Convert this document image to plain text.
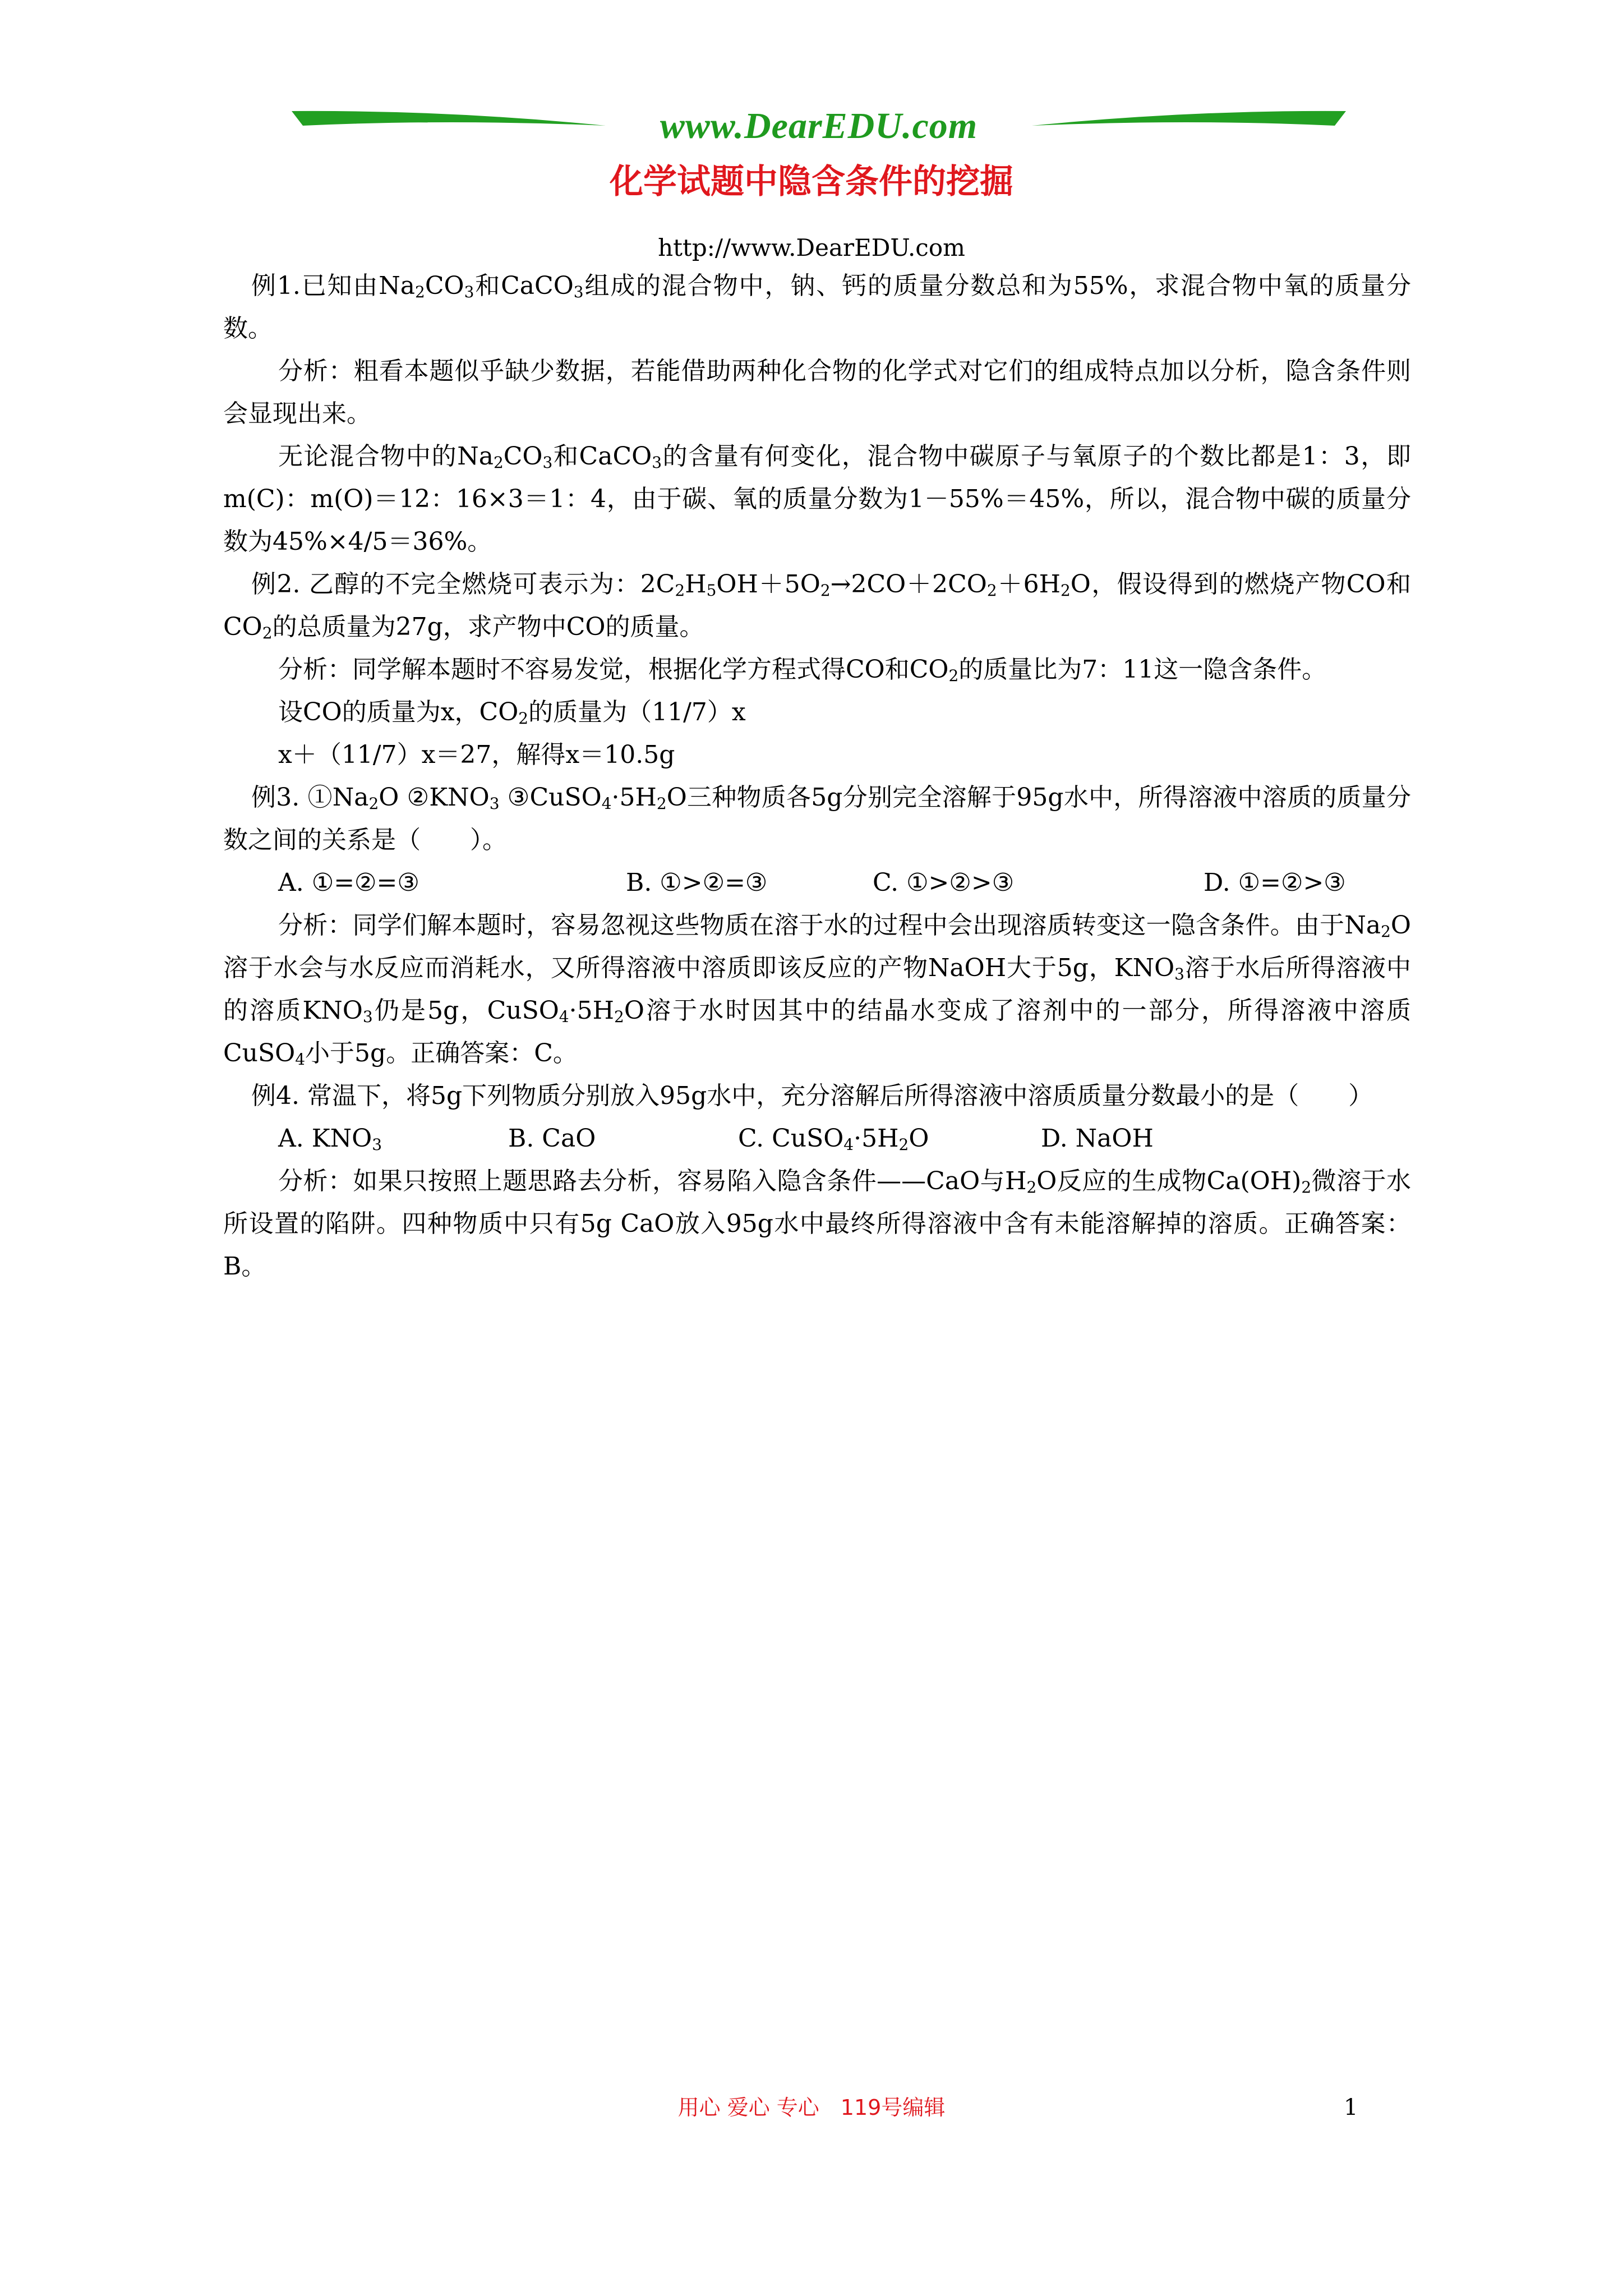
www.DearEDU.com
化学试题中隐含条件的挖掘
http://www.DearEDU.com

例1.已知由$Na_2CO_3$和CaCO$_3$组成的混合物中，钠、钙的质量分数总和为55%，求混合物中氧的质量分数。

分析：粗看本题似乎缺少数据，若能借助两种化合物的化学式对它们的组成特点加以分析，隐含条件则会显现出来。

无论混合物中的$Na_2CO_3$和CaCO$_3$的含量有何变化，混合物中碳原子与氧原子的个数比都是1：3，即m(C)：m(O)＝12：16×3＝1：4，由于碳、氧的质量分数为1－55%＝45%，所以，混合物中碳的质量分数为45%×4/5＝36%。

例2. 乙醇的不完全燃烧可表示为：$2C_2H_5OH+5O_2\to 2CO+2CO_2+6H_2O$，假设得到的燃烧产物CO和$CO_2$的总质量为27g，求产物中CO的质量。

分析：同学解本题时不容易发觉，根据化学方程式得CO和$CO_2$的质量比为7：11这一隐含条件。

设CO的质量为x，$CO_2$的质量为（11/7）x

x＋（11/7）x＝27，解得x＝10.5g

例3. $①Na_2O$ $②KNO_3$ $③CuSO_4\cdot 5H_2O$三种物质各5g分别完全溶解于95g水中，所得溶液中溶质的质量分数之间的关系是（　　）。

A. ①=②=③	B. ①>②=③	C. ①>②>③	D. ①=②>③

分析：同学们解本题时，容易忽视这些物质在溶于水的过程中会出现溶质转变这一隐含条件。由于$Na_2O$溶于水会与水反应而消耗水，又所得溶液中溶质即该反应的产物NaOH大于5g，$KNO_3$溶于水后所得溶液中的溶质$KNO_3$仍是5g，$CuSO_4\cdot 5H_2O$溶于水时因其中的结晶水变成了溶剂中的一部分，所得溶液中溶质CuSO$_4$小于5g。正确答案：C。

例4. 常温下，将5g下列物质分别放入95g水中，充分溶解后所得溶液中溶质质量分数最小的是（　　）

A. $KNO_3$	B. CaO	C. $CuSO_4\cdot 5H_2O$	D. NaOH

分析：如果只按照上题思路去分析，容易陷入隐含条件——CaO与$H_2O$反应的生成物$Ca(OH)_2$微溶于水所设置的陷阱。四种物质中只有5g CaO放入95g水中最终所得溶液中含有未能溶解掉的溶质。正确答案：B。

用心 爱心 专心　119号编辑	1
